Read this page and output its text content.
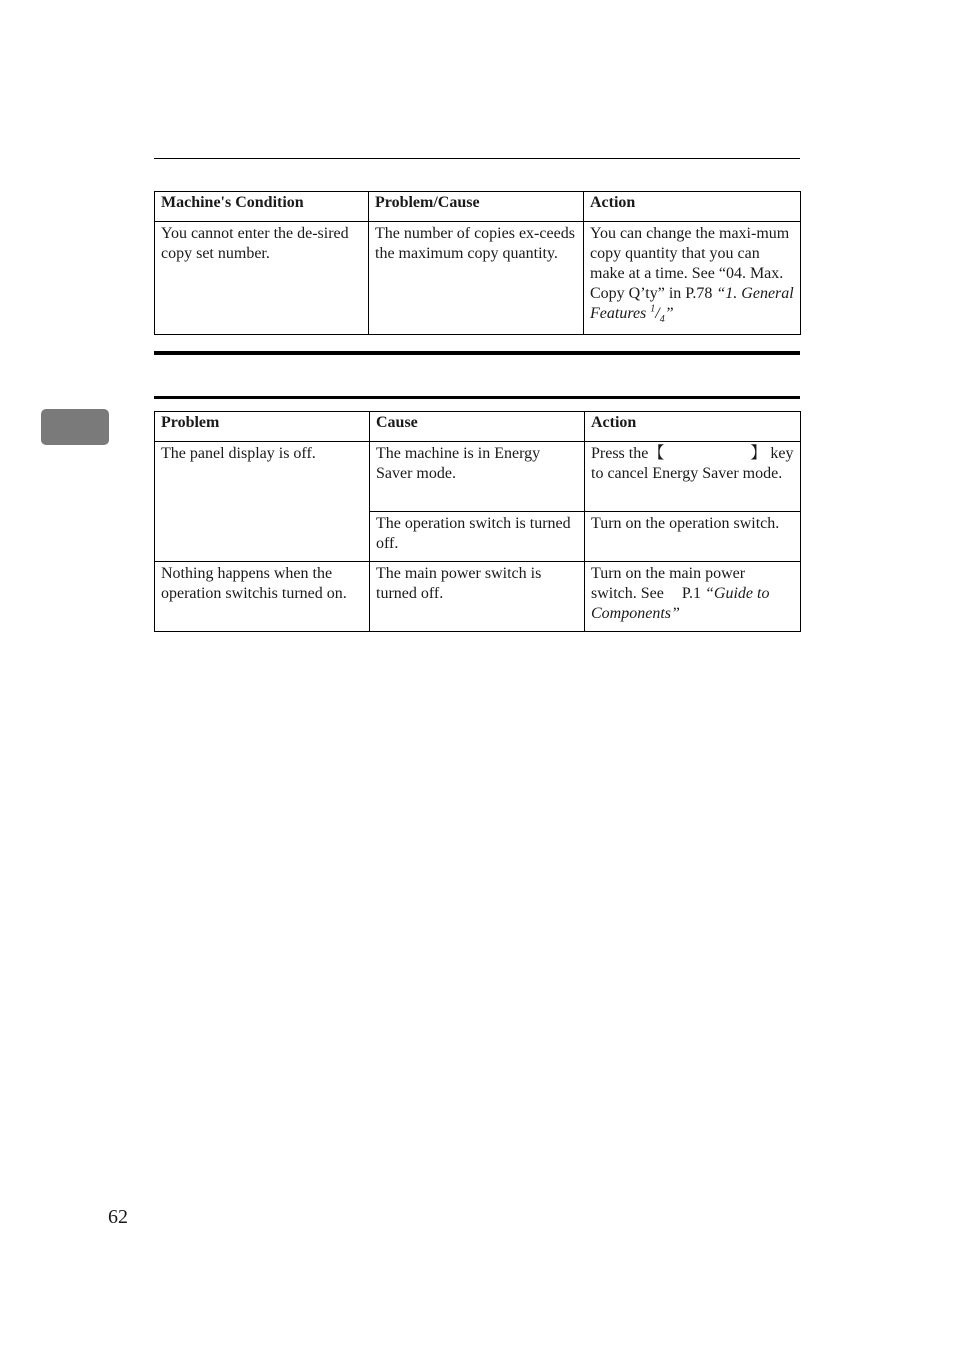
Machine's Condition	Problem/Cause	Action
You cannot enter the de-sired copy set number.	The number of copies ex-ceeds the maximum copy quantity.	You can change the maxi-mum copy quantity that you can make at a time. See “04. Max. Copy Q’ty” in P.78 “1. General Features $^1/_4$”
Problem	Cause	Action
The panel display is off.	The machine is in Energy Saver mode.	Press the【 】 key to cancel Energy Saver mode.
	The operation switch is turned off.	Turn on the operation switch.
Nothing happens when the operation switchis turned on.	The main power switch is turned off.	Turn on the main power switch. See P.1 “Guide to Components”
62
